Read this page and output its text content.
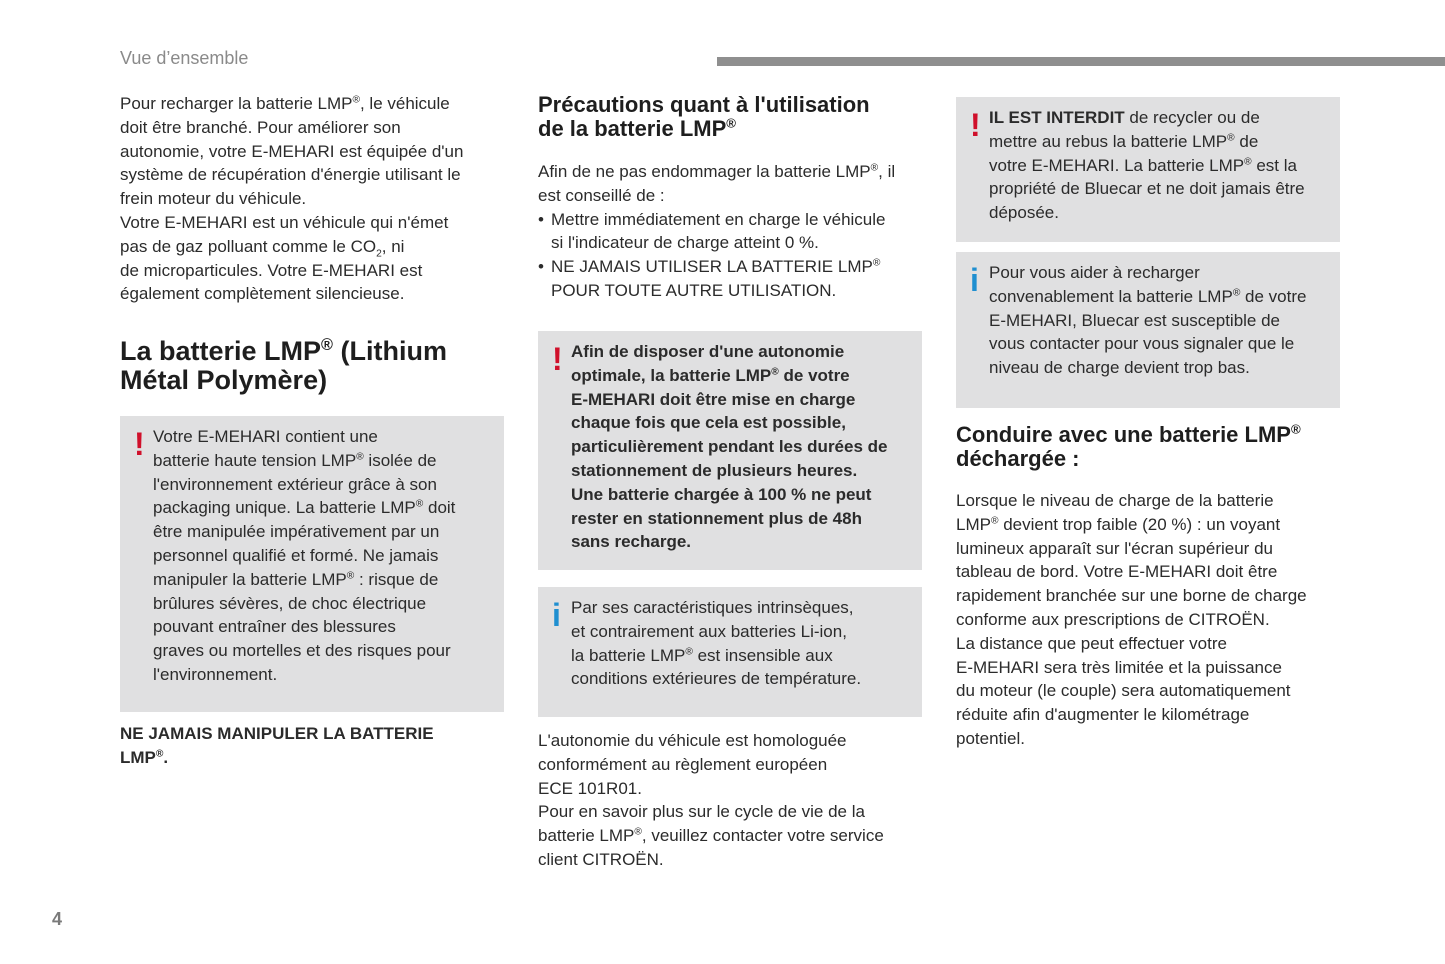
Vue d’ensemble
4

Pour recharger la batterie LMP®, le véhicule

doit être branché. Pour améliorer son

autonomie, votre E-MEHARI est équipée d'un

système de récupération d'énergie utilisant le

frein moteur du véhicule.

Votre E-MEHARI est un véhicule qui n'émet

pas de gaz polluant comme le $CO_2$, ni

de microparticules. Votre E-MEHARI est

également complètement silencieuse.

La batterie LMP® (Lithium
Métal Polymère)
! Votre E-MEHARI contient une

batterie haute tension LMP® isolée de

l'environnement extérieur grâce à son

packaging unique. La batterie LMP® doit

être manipulée impérativement par un

personnel qualifié et formé. Ne jamais

manipuler la batterie LMP® : risque de

brûlures sévères, de choc électrique

pouvant entraîner des blessures

graves ou mortelles et des risques pour

l'environnement.

NE JAMAIS MANIPULER LA BATTERIE

LMP®.

Précautions quant à l'utilisation
de la batterie LMP®

Afin de ne pas endommager la batterie LMP®, il

est conseillé de :

• Mettre immédiatement en charge le véhicule
si l'indicateur de charge atteint 0 %.
• NE JAMAIS UTILISER LA BATTERIE LMP®
POUR TOUTE AUTRE UTILISATION.
! Afin de disposer d'une autonomie

optimale, la batterie LMP® de votre

E-MEHARI doit être mise en charge

chaque fois que cela est possible,

particulièrement pendant les durées de

stationnement de plusieurs heures.

Une batterie chargée à 100 % ne peut

rester en stationnement plus de 48h

sans recharge.

i Par ses caractéristiques intrinsèques,

et contrairement aux batteries Li-ion,

la batterie LMP® est insensible aux

conditions extérieures de température.

L'autonomie du véhicule est homologuée

conformément au règlement européen

ECE 101R01.

Pour en savoir plus sur le cycle de vie de la

batterie LMP®, veuillez contacter votre service

client CITROËN.

! IL EST INTERDIT de recycler ou de

mettre au rebus la batterie LMP® de

votre E-MEHARI. La batterie LMP® est la

propriété de Bluecar et ne doit jamais être

déposée.

i Pour vous aider à recharger

convenablement la batterie LMP® de votre

E-MEHARI, Bluecar est susceptible de

vous contacter pour vous signaler que le

niveau de charge devient trop bas.

Conduire avec une batterie LMP®
déchargée :

Lorsque le niveau de charge de la batterie

LMP® devient trop faible (20 %) : un voyant

lumineux apparaît sur l'écran supérieur du

tableau de bord. Votre E-MEHARI doit être

rapidement branchée sur une borne de charge

conforme aux prescriptions de CITROËN.

La distance que peut effectuer votre

E-MEHARI sera très limitée et la puissance

du moteur (le couple) sera automatiquement

réduite afin d'augmenter le kilométrage

potentiel.
